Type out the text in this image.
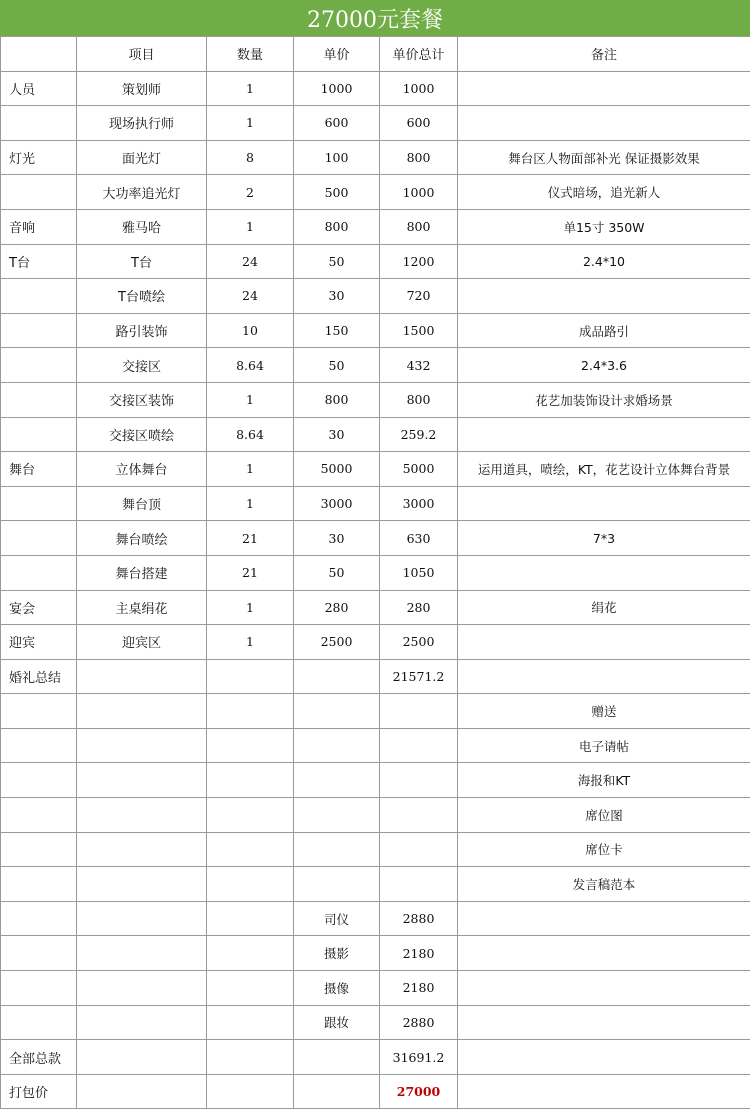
27000元套餐
	项目	数量	单价	单价总计	备注
人员	策划师	1	1000	1000	
	现场执行师	1	600	600	
灯光	面光灯	8	100	800	舞台区人物面部补光 保证摄影效果
	大功率追光灯	2	500	1000	仪式暗场，追光新人
音响	雅马哈	1	800	800	单15寸 350W
T台	T台	24	50	1200	2.4*10
	T台喷绘	24	30	720	
	路引装饰	10	150	1500	成品路引
	交接区	8.64	50	432	2.4*3.6
	交接区装饰	1	800	800	花艺加装饰设计求婚场景
	交接区喷绘	8.64	30	259.2	
舞台	立体舞台	1	5000	5000	运用道具，喷绘，KT，花艺设计立体舞台背景
	舞台顶	1	3000	3000	
	舞台喷绘	21	30	630	7*3
	舞台搭建	21	50	1050	
宴会	主桌绢花	1	280	280	绢花
迎宾	迎宾区	1	2500	2500	
婚礼总结				21571.2	
					赠送
					电子请帖
					海报和KT
					席位图
					席位卡
					发言稿范本
			司仪	2880	
			摄影	2180	
			摄像	2180	
			跟妆	2880	
全部总款				31691.2	
打包价				27000	
